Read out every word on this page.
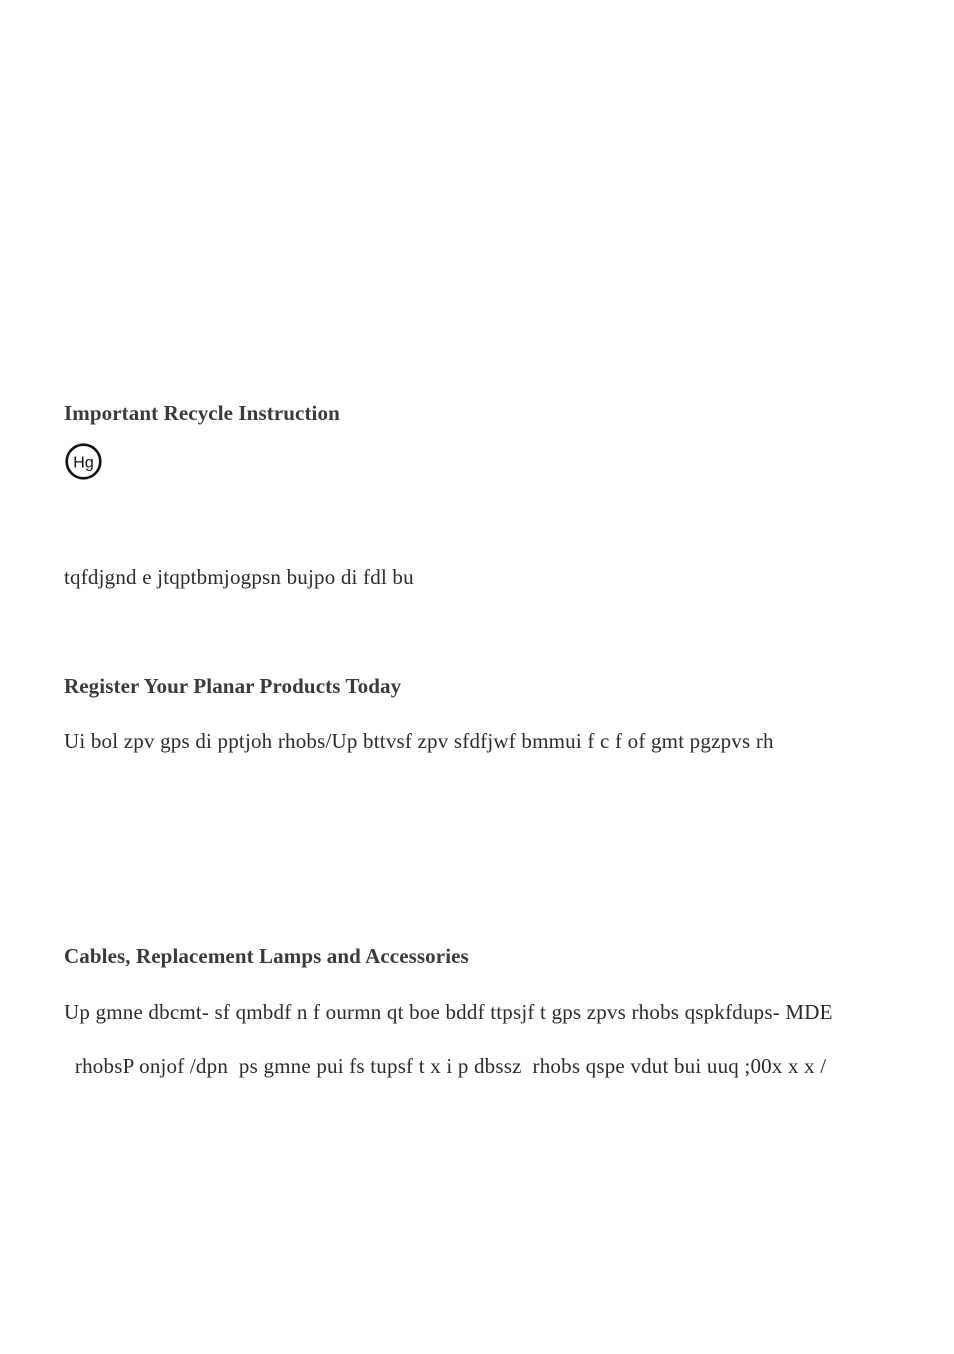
Important Recycle Instruction
Hg
tqfdjgnd e jtqptbmjogpsn bujpo di fdl bu
Register Your Planar Products Today
Ui bol zpv gps di pptjoh rhobs/Up bttvsf zpv sfdfjwf bmmui f c f of gmt pgzpvs rh
Cables, Replacement Lamps and Accessories
Up gmne dbcmt- sf qmbdf n f ourmn qt boe bddf ttpsjf t gps zpvs rhobs qspkfdups- MDE
rhobsP onjof /dpn  ps gmne pui fs tupsf t x i p dbssz  rhobs qspe vdut bui uuq ;00x x x /
